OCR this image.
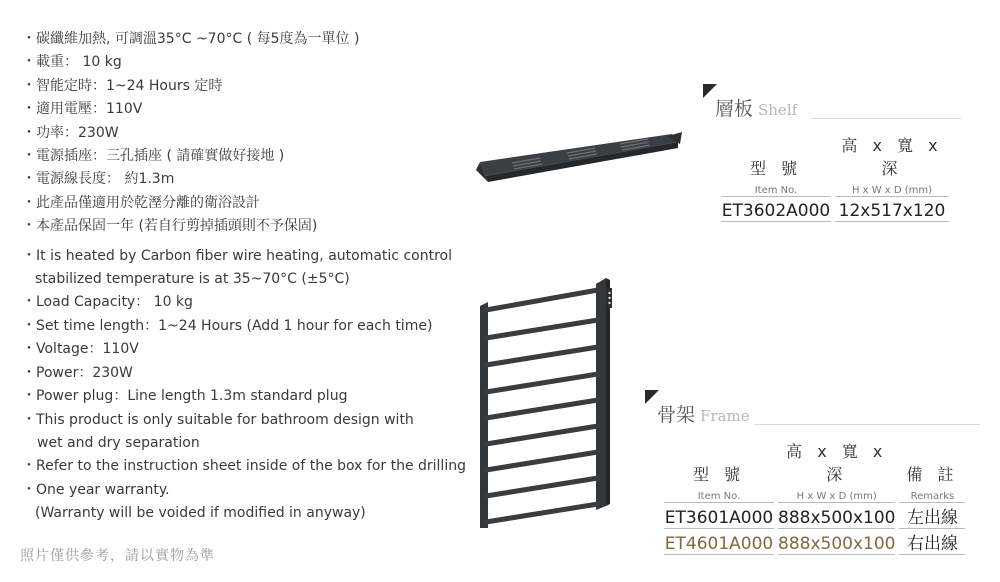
・碳纖維加熱, 可調溫35°C ~70°C ( 每5度為一單位 )
・載重： 10 kg
・智能定時：1~24 Hours 定時
・適用電壓：110V
・功率：230W
・電源插座：三孔插座 ( 請確實做好接地 )
・電源線長度： 約1.3m
・此產品僅適用於乾溼分離的衛浴設計
・本產品保固一年 (若自行剪掉插頭則不予保固)
・It is heated by Carbon fiber wire heating, automatic control
stabilized temperature is at 35~70°C (±5°C)
・Load Capacity： 10 kg
・Set time length：1~24 Hours (Add 1 hour for each time)
・Voltage：110V
・Power：230W
・Power plug：Line length 1.3m standard plug
・This product is only suitable for bathroom design with
wet and dry separation
・Refer to the instruction sheet inside of the box for the drilling
・One year warranty.
(Warranty will be voided if modified in anyway)
照片僅供參考，請以實物為準
層板 Shelf
型 號	高 x 寬 x 深
Item No.	H x W x D (mm)
ET3602A000	12x517x120
骨架 Frame
型 號	高 x 寬 x 深	備 註
Item No.	H x W x D (mm)	Remarks
ET3601A000	888x500x100	左出線
ET4601A000	888x500x100	右出線
